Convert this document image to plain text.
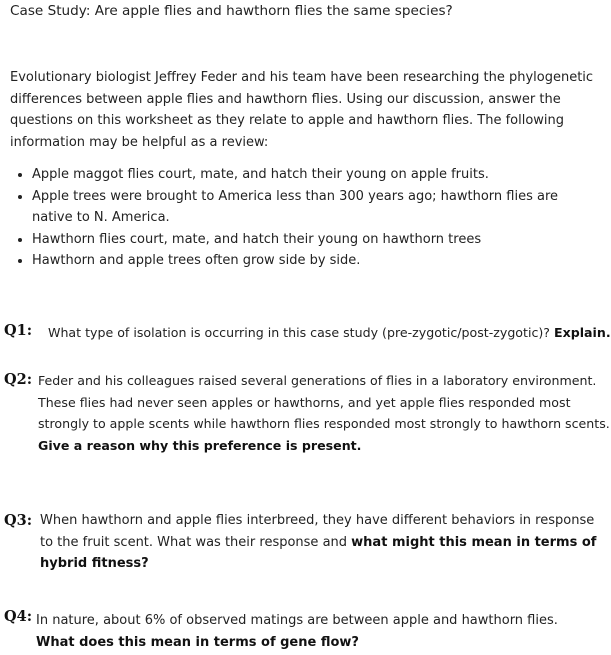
Case Study: Are apple flies and hawthorn flies the same species?
Evolutionary biologist Jeffrey Feder and his team have been researching the phylogenetic differences between apple flies and hawthorn flies. Using our discussion, answer the questions on this worksheet as they relate to apple and hawthorn flies. The following information may be helpful as a review:
Apple maggot flies court, mate, and hatch their young on apple fruits.
Apple trees were brought to America less than 300 years ago; hawthorn flies are native to N. America.
Hawthorn flies court, mate, and hatch their young on hawthorn trees
Hawthorn and apple trees often grow side by side.
Q1: What type of isolation is occurring in this case study (pre-zygotic/post-zygotic)? Explain.
Q2: Feder and his colleagues raised several generations of flies in a laboratory environment. These flies had never seen apples or hawthorns, and yet apple flies responded most strongly to apple scents while hawthorn flies responded most strongly to hawthorn scents. Give a reason why this preference is present.
Q3: When hawthorn and apple flies interbreed, they have different behaviors in response to the fruit scent. What was their response and what might this mean in terms of hybrid fitness?
Q4: In nature, about 6% of observed matings are between apple and hawthorn flies. What does this mean in terms of gene flow?
